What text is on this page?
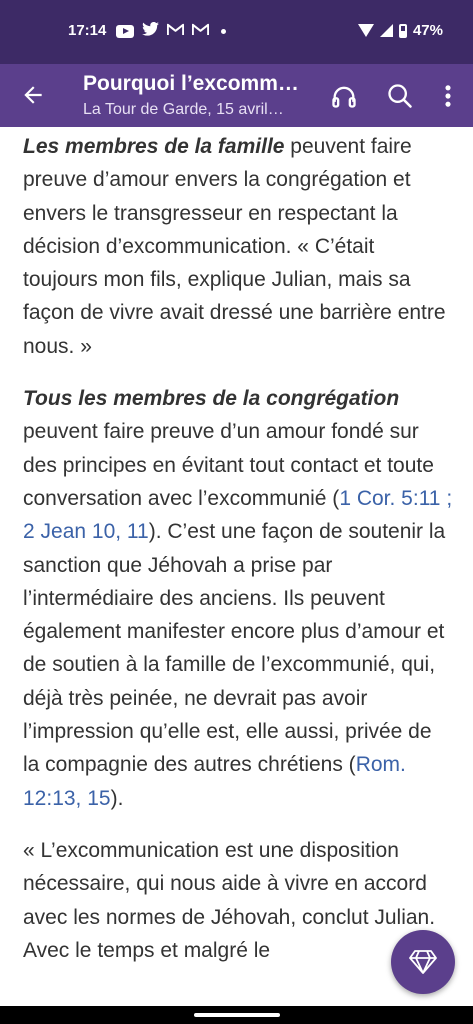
17:14	47%
Pourquoi l’excomm…
La Tour de Garde, 15 avril…

Les membres de la famille peuvent faire preuve d’amour envers la congrégation et envers le transgresseur en respectant la décision d’excommunication. « C’était toujours mon fils, explique Julian, mais sa façon de vivre avait dressé une barrière entre nous. »

Tous les membres de la congrégation peuvent faire preuve d’un amour fondé sur des principes en évitant tout contact et toute conversation avec l’excommunié (1 Cor. 5:11 ; 2 Jean 10, 11). C’est une façon de soutenir la sanction que Jéhovah a prise par l’intermédiaire des anciens. Ils peuvent également manifester encore plus d’amour et de soutien à la famille de l’excommunié, qui, déjà très peinée, ne devrait pas avoir l’impression qu’elle est, elle aussi, privée de la compagnie des autres chrétiens (Rom. 12:13, 15).

« L’excommunication est une disposition nécessaire, qui nous aide à vivre en accord avec les normes de Jéhovah, conclut Julian. Avec le temps et malgré le
